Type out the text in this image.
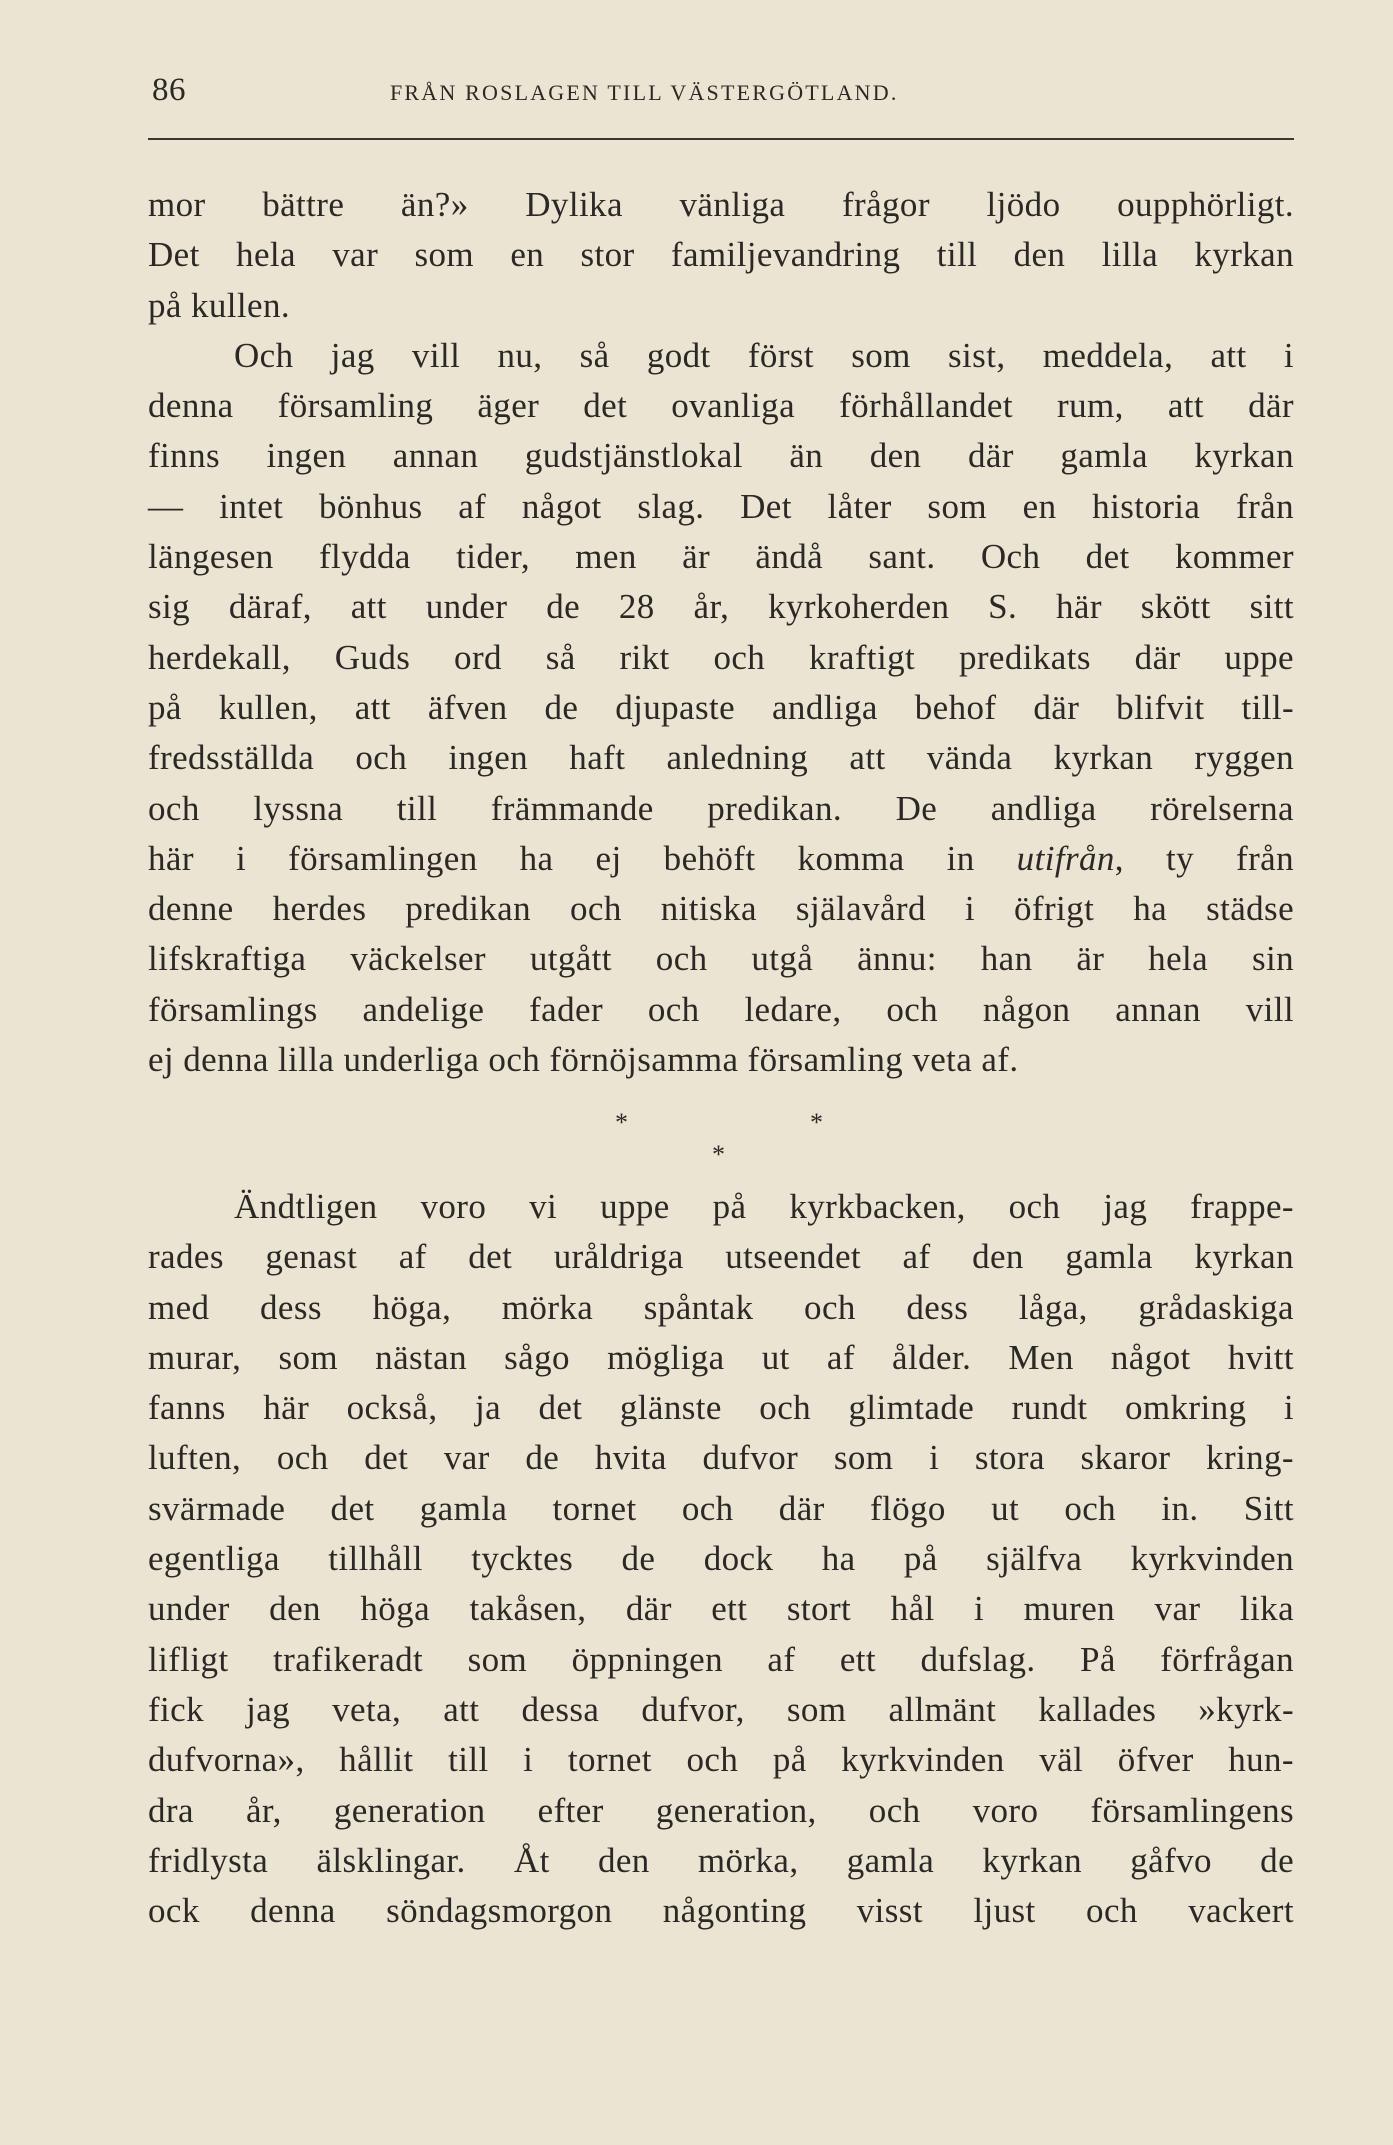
86	FRÅN ROSLAGEN TILL VÄSTERGÖTLAND.
mor bättre än?» Dylika vänliga frågor ljödo oupphörligt.
Det hela var som en stor familjevandring till den lilla kyrkan
på kullen.
Och jag vill nu, så godt först som sist, meddela, att i
denna församling äger det ovanliga förhållandet rum, att där
finns ingen annan gudstjänstlokal än den där gamla kyrkan
— intet bönhus af något slag. Det låter som en historia från
längesen flydda tider, men är ändå sant. Och det kommer
sig däraf, att under de 28 år, kyrkoherden S. här skött sitt
herdekall, Guds ord så rikt och kraftigt predikats där uppe
på kullen, att äfven de djupaste andliga behof där blifvit till-
fredsställda och ingen haft anledning att vända kyrkan ryggen
och lyssna till främmande predikan. De andliga rörelserna
här i församlingen ha ej behöft komma in utifrån, ty från
denne herdes predikan och nitiska själavård i öfrigt ha städse
lifskraftiga väckelser utgått och utgå ännu: han är hela sin
församlings andelige fader och ledare, och någon annan vill
ej denna lilla underliga och förnöjsamma församling veta af.
*	*
*
Ändtligen voro vi uppe på kyrkbacken, och jag frappe-
rades genast af det uråldriga utseendet af den gamla kyrkan
med dess höga, mörka spåntak och dess låga, grådaskiga
murar, som nästan sågo mögliga ut af ålder. Men något hvitt
fanns här också, ja det glänste och glimtade rundt omkring i
luften, och det var de hvita dufvor som i stora skaror kring-
svärmade det gamla tornet och där flögo ut och in. Sitt
egentliga tillhåll tycktes de dock ha på själfva kyrkvinden
under den höga takåsen, där ett stort hål i muren var lika
lifligt trafikeradt som öppningen af ett dufslag. På förfrågan
fick jag veta, att dessa dufvor, som allmänt kallades »kyrk-
dufvorna», hållit till i tornet och på kyrkvinden väl öfver hun-
dra år, generation efter generation, och voro församlingens
fridlysta älsklingar. Åt den mörka, gamla kyrkan gåfvo de
ock denna söndagsmorgon någonting visst ljust och vackert
